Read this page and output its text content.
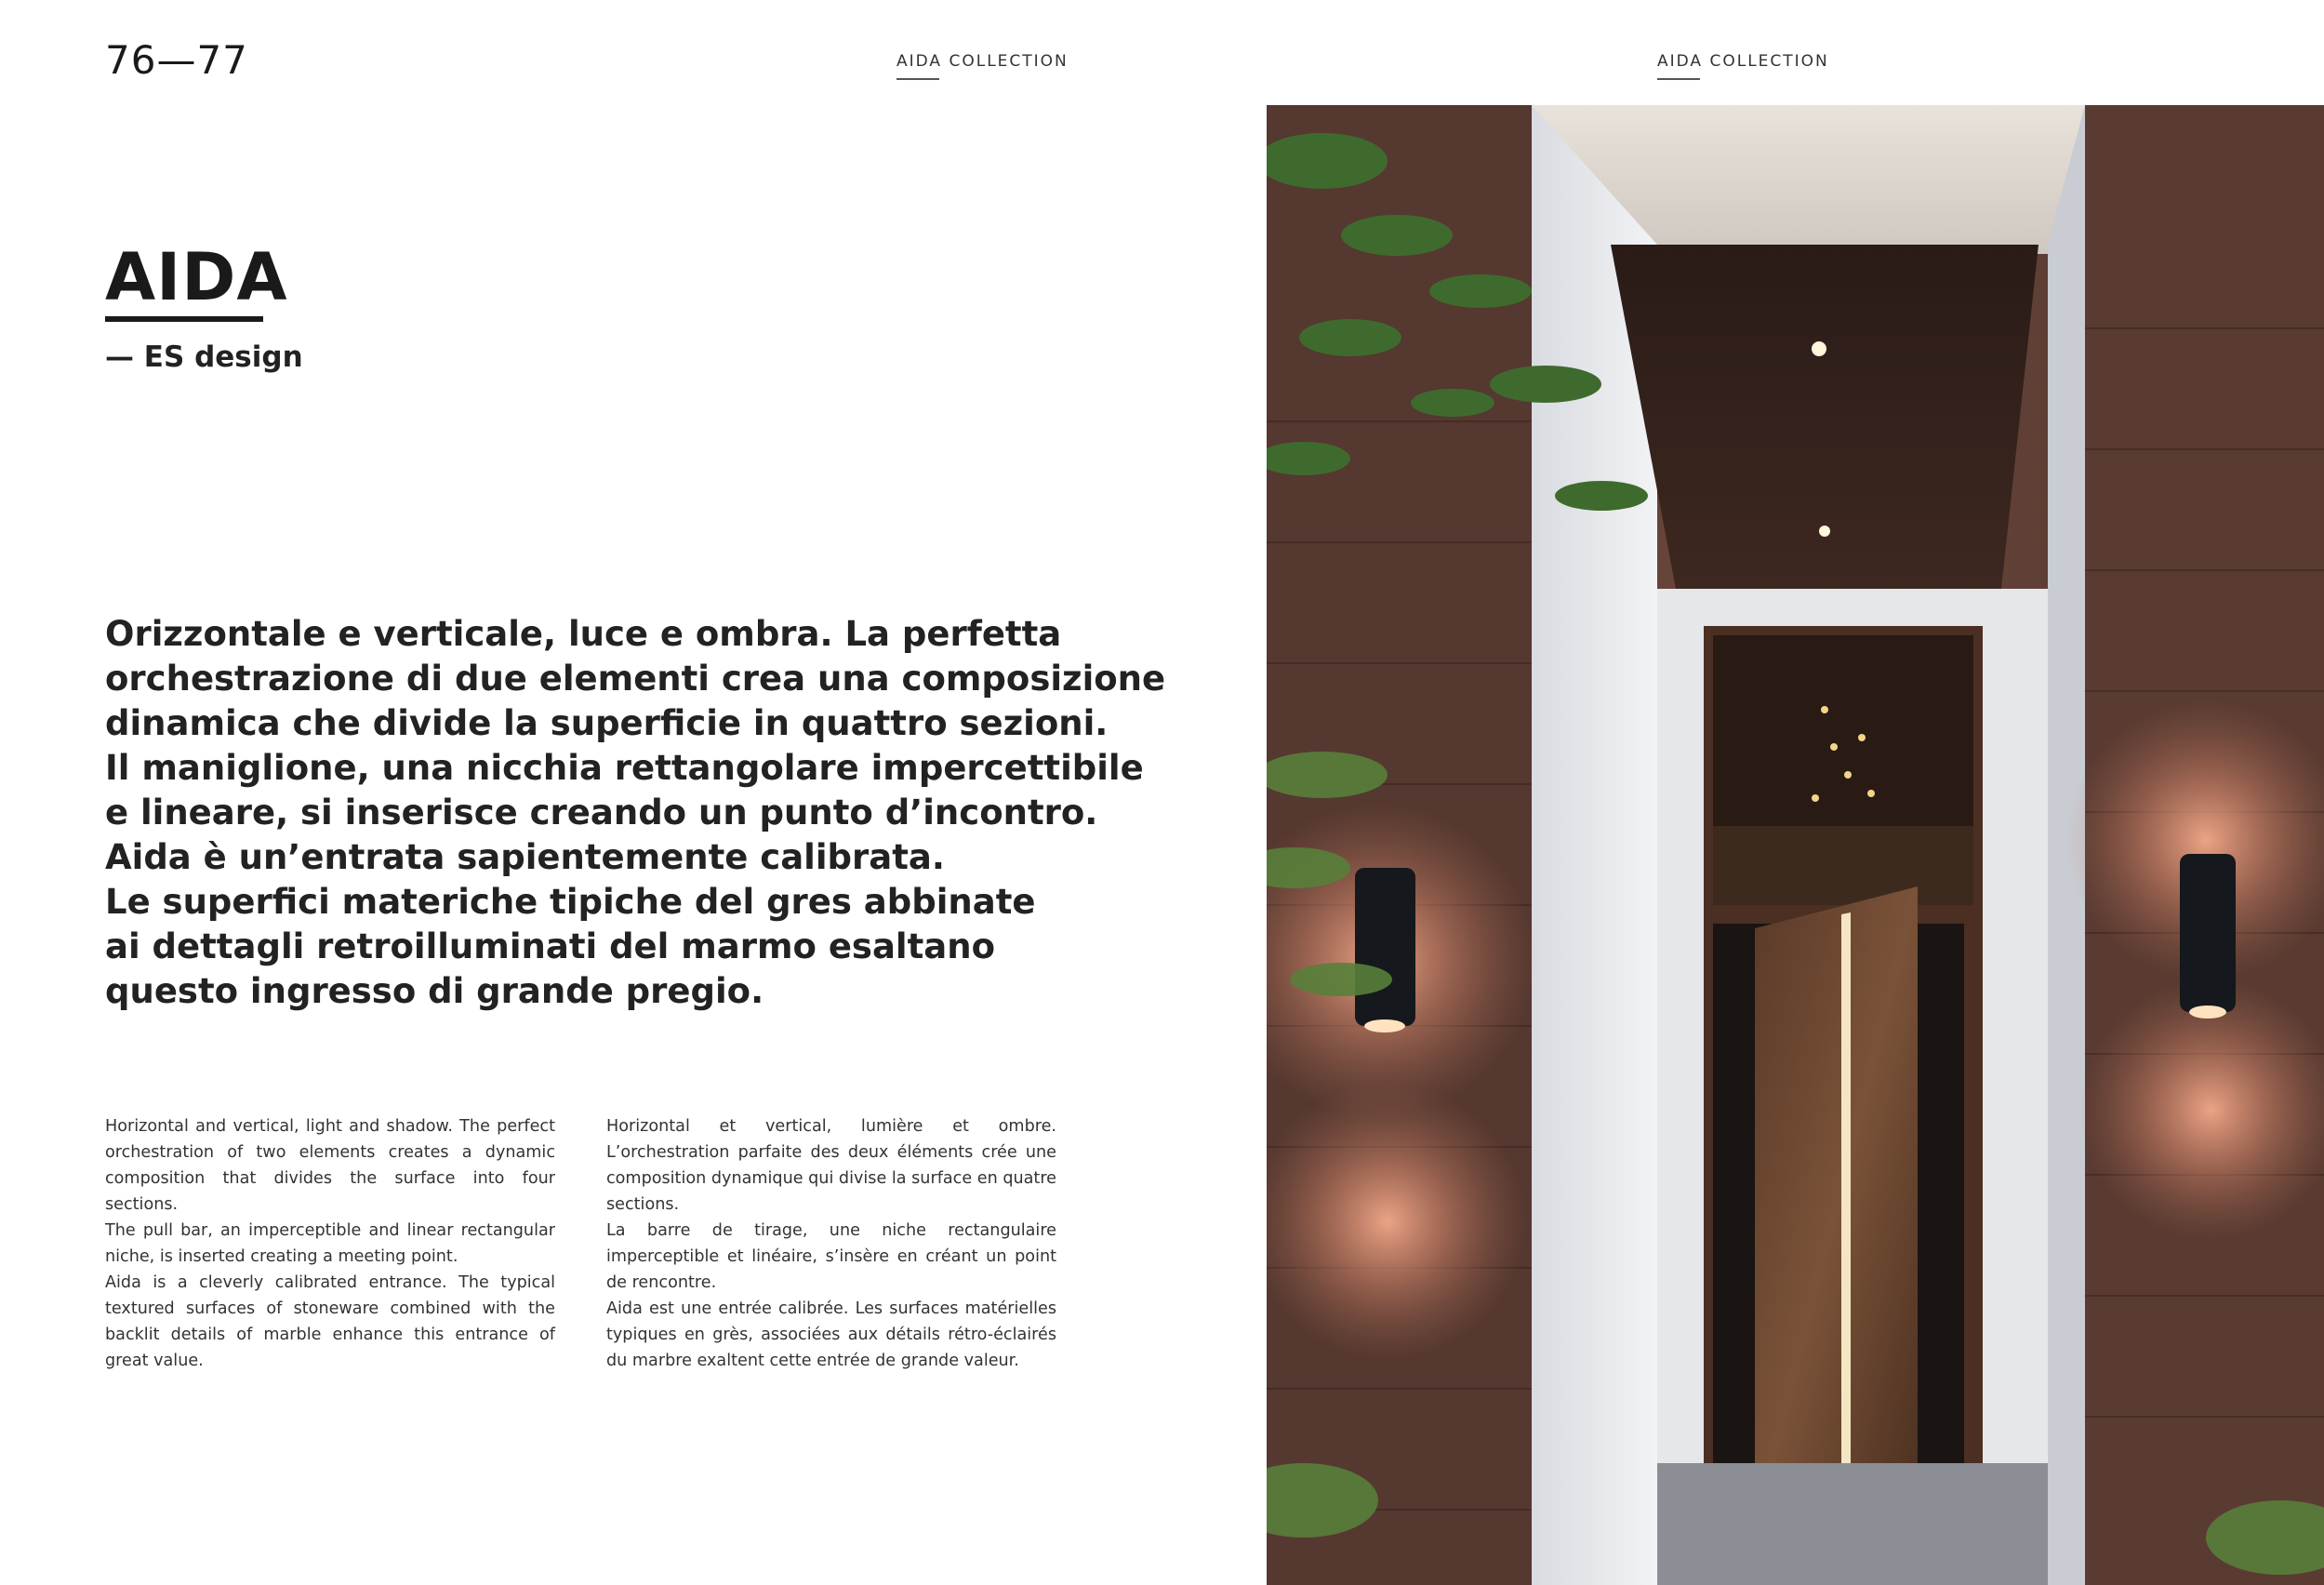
76—77	AIDA COLLECTION	AIDA COLLECTION
AIDA
— ES design
Orizzontale e verticale, luce e ombra. La perfetta
orchestrazione di due elementi crea una composizione
dinamica che divide la superficie in quattro sezioni.
Il maniglione, una nicchia rettangolare impercettibile
e lineare, si inserisce creando un punto d’incontro.
Aida è un’entrata sapientemente calibrata.
Le superfici materiche tipiche del gres abbinate
ai dettagli retroilluminati del marmo esaltano
questo ingresso di grande pregio.
Horizontal and vertical, light and shadow. The perfect orchestration of two elements creates a dynamic composition that divides the surface into four sections.
The pull bar, an imperceptible and linear rectangular niche, is inserted creating a meeting point.
Aida is a cleverly calibrated entrance. The typical textured surfaces of stoneware combined with the backlit details of marble enhance this entrance of great value.
Horizontal et vertical, lumière et ombre. L’orchestration parfaite des deux éléments crée une composition dynamique qui divise la surface en quatre sections.
La barre de tirage, une niche rectangulaire imperceptible et linéaire, s’insère en créant un point de rencontre.
Aida est une entrée calibrée. Les surfaces matérielles typiques en grès, associées aux détails rétro-éclairés du marbre exaltent cette entrée de grande valeur.
